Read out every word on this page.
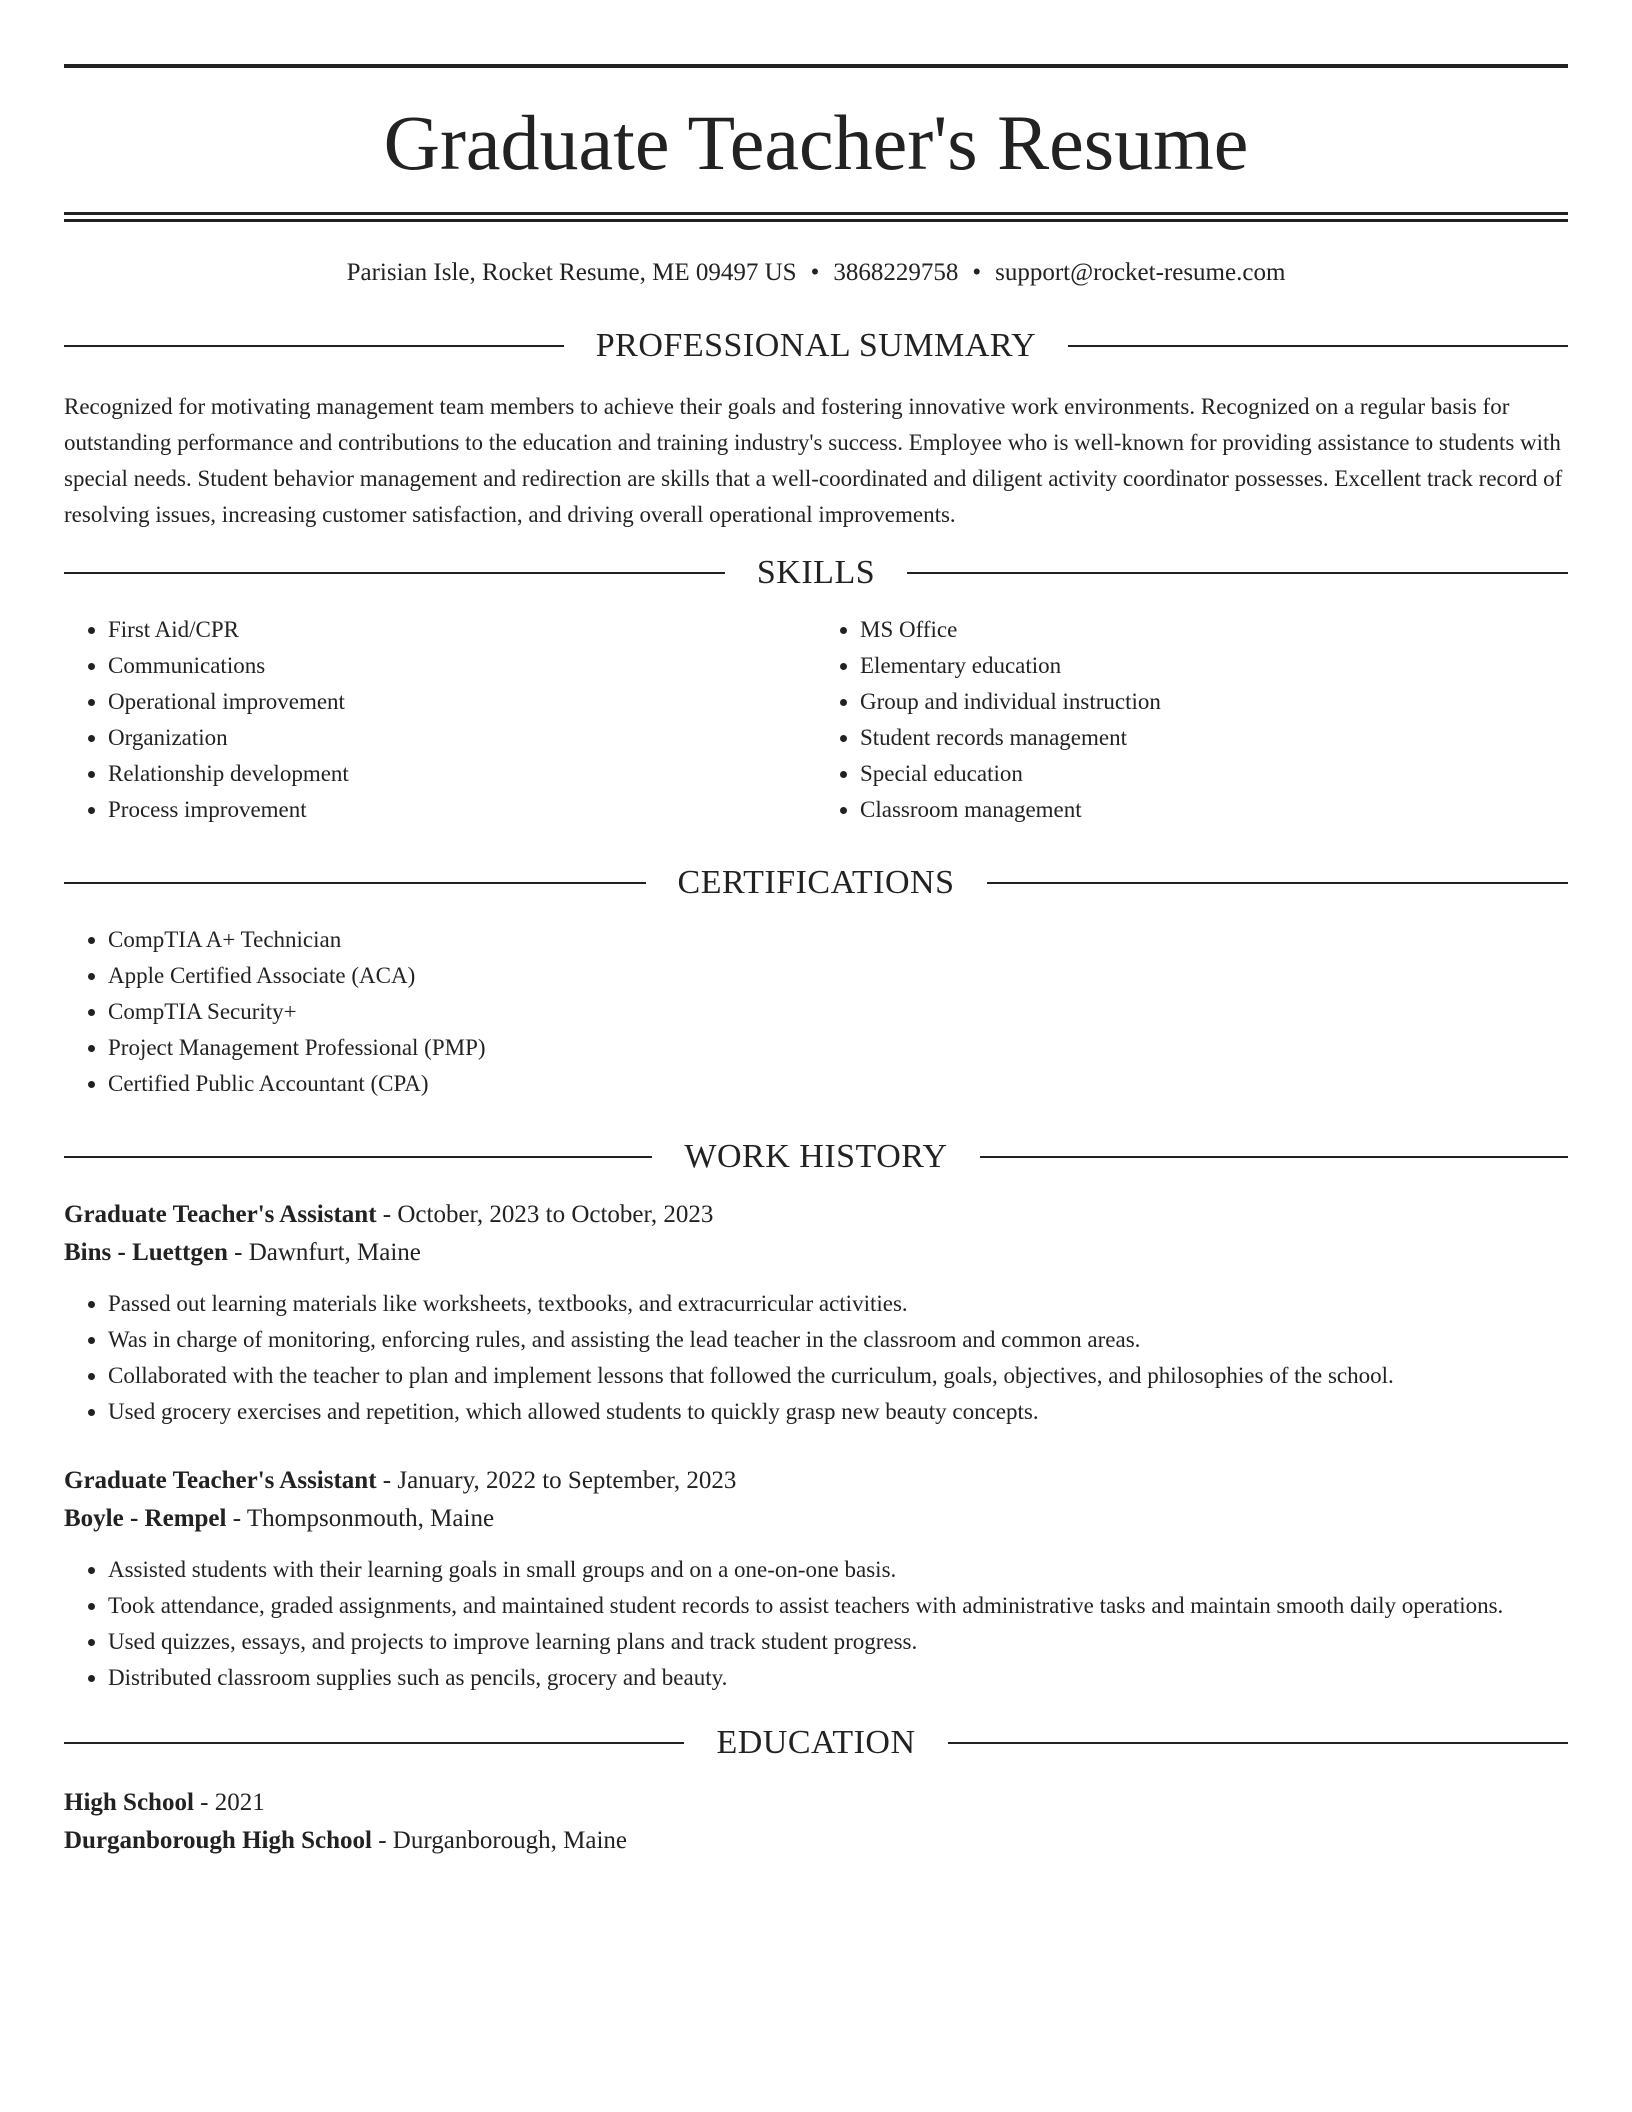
Graduate Teacher's Resume
Parisian Isle, Rocket Resume, ME 09497 US • 3868229758 • support@rocket-resume.com
PROFESSIONAL SUMMARY

Recognized for motivating management team members to achieve their goals and fostering innovative work environments. Recognized on a regular basis for outstanding performance and contributions to the education and training industry's success. Employee who is well-known for providing assistance to students with special needs. Student behavior management and redirection are skills that a well-coordinated and diligent activity coordinator possesses. Excellent track record of resolving issues, increasing customer satisfaction, and driving overall operational improvements.

SKILLS
• First Aid/CPR
• Communications
• Operational improvement
• Organization
• Relationship development
• Process improvement
• MS Office
• Elementary education
• Group and individual instruction
• Student records management
• Special education
• Classroom management
CERTIFICATIONS
• CompTIA A+ Technician
• Apple Certified Associate (ACA)
• CompTIA Security+
• Project Management Professional (PMP)
• Certified Public Accountant (CPA)
WORK HISTORY
Graduate Teacher's Assistant - October, 2023 to October, 2023
Bins - Luettgen - Dawnfurt, Maine
• Passed out learning materials like worksheets, textbooks, and extracurricular activities.
• Was in charge of monitoring, enforcing rules, and assisting the lead teacher in the classroom and common areas.
• Collaborated with the teacher to plan and implement lessons that followed the curriculum, goals, objectives, and philosophies of the school.
• Used grocery exercises and repetition, which allowed students to quickly grasp new beauty concepts.
Graduate Teacher's Assistant - January, 2022 to September, 2023
Boyle - Rempel - Thompsonmouth, Maine
• Assisted students with their learning goals in small groups and on a one-on-one basis.
• Took attendance, graded assignments, and maintained student records to assist teachers with administrative tasks and maintain smooth daily operations.
• Used quizzes, essays, and projects to improve learning plans and track student progress.
• Distributed classroom supplies such as pencils, grocery and beauty.
EDUCATION
High School - 2021
Durganborough High School - Durganborough, Maine
